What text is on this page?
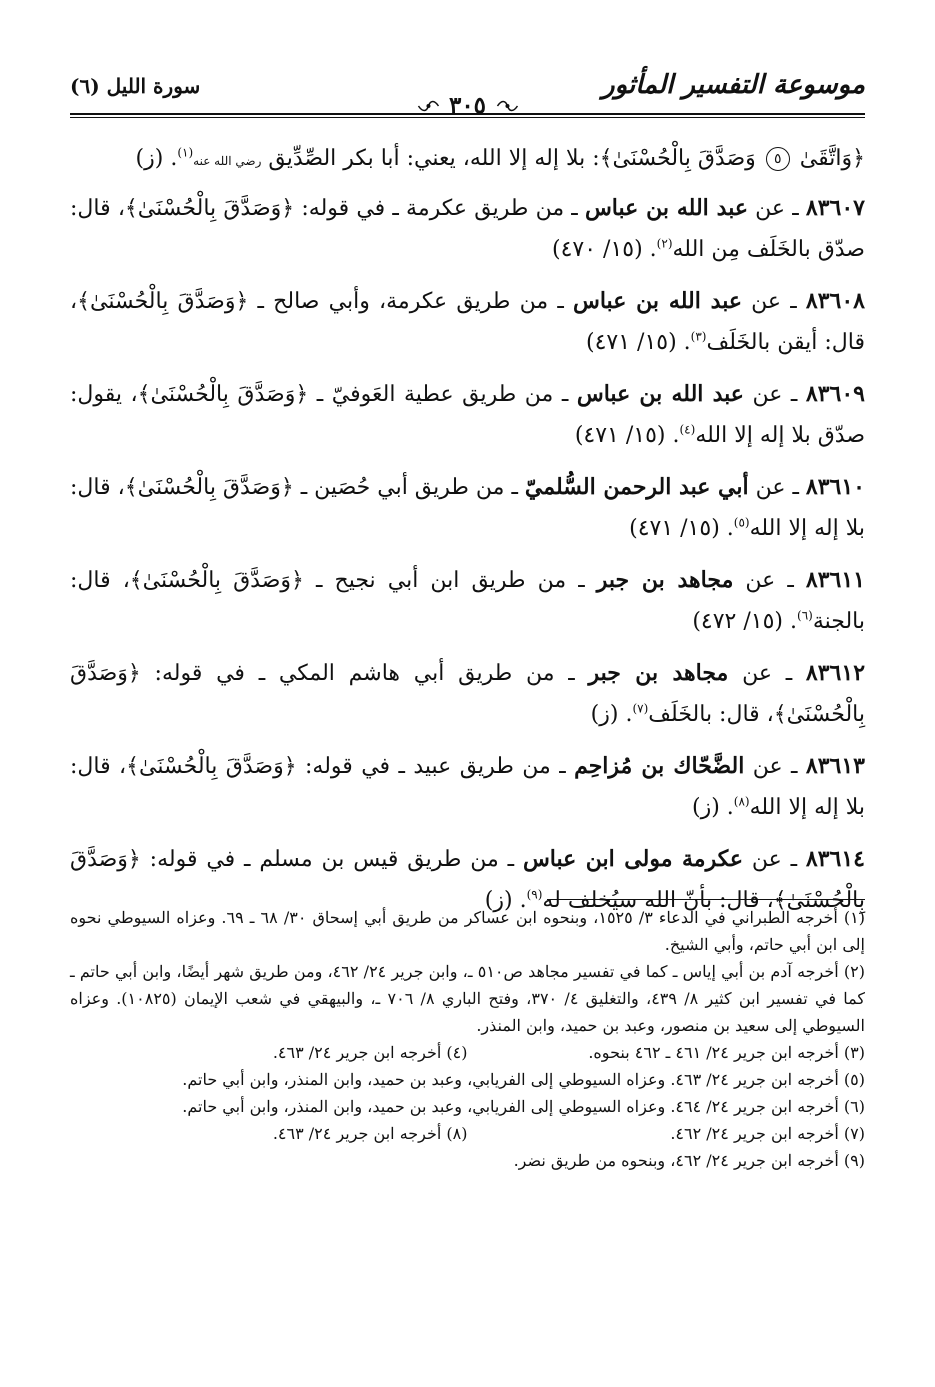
موسوعة التفسير المأثور
٣٠٥
سورة الليل (٦)

﴿وَاتَّقَىٰ ٥ وَصَدَّقَ بِالْحُسْنَىٰ﴾: بلا إله إلا الله، يعني: أبا بكر الصِّدِّيق رضي الله عنه$^{(١)}$. (ز)

٨٣٦٠٧ ـ عن عبد الله بن عباس ـ من طريق عكرمة ـ في قوله: ﴿وَصَدَّقَ بِالْحُسْنَىٰ﴾، قال: صدّق بالخَلَف مِن الله$^{(٢)}$. (١٥/ ٤٧٠)

٨٣٦٠٨ ـ عن عبد الله بن عباس ـ من طريق عكرمة، وأبي صالح ـ ﴿وَصَدَّقَ بِالْحُسْنَىٰ﴾، قال: أيقن بالخَلَف$^{(٣)}$. (١٥/ ٤٧١)

٨٣٦٠٩ ـ عن عبد الله بن عباس ـ من طريق عطية العَوفيّ ـ ﴿وَصَدَّقَ بِالْحُسْنَىٰ﴾، يقول: صدّق بلا إله إلا الله$^{(٤)}$. (١٥/ ٤٧١)

٨٣٦١٠ ـ عن أبي عبد الرحمن السُّلميّ ـ من طريق أبي حُصَين ـ ﴿وَصَدَّقَ بِالْحُسْنَىٰ﴾، قال: بلا إله إلا الله$^{(٥)}$. (١٥/ ٤٧١)

٨٣٦١١ ـ عن مجاهد بن جبر ـ من طريق ابن أبي نجيح ـ ﴿وَصَدَّقَ بِالْحُسْنَىٰ﴾، قال: بالجنة$^{(٦)}$. (١٥/ ٤٧٢)

٨٣٦١٢ ـ عن مجاهد بن جبر ـ من طريق أبي هاشم المكي ـ في قوله: ﴿وَصَدَّقَ بِالْحُسْنَىٰ﴾، قال: بالخَلَف$^{(٧)}$. (ز)

٨٣٦١٣ ـ عن الضَّحّاك بن مُزاحِم ـ من طريق عبيد ـ في قوله: ﴿وَصَدَّقَ بِالْحُسْنَىٰ﴾، قال: بلا إله إلا الله$^{(٨)}$. (ز)

٨٣٦١٤ ـ عن عكرمة مولى ابن عباس ـ من طريق قيس بن مسلم ـ في قوله: ﴿وَصَدَّقَ بِالْحُسْنَىٰ﴾، قال: بأنّ الله سيُخلف له$^{(٩)}$. (ز)

(١) أخرجه الطبراني في الدعاء ٣/ ١٥٢٥، وبنحوه ابن عساكر من طريق أبي إسحاق ٣٠/ ٦٨ ـ ٦٩. وعزاه السيوطي نحوه إلى ابن أبي حاتم، وأبي الشيخ.

(٢) أخرجه آدم بن أبي إياس ـ كما في تفسير مجاهد ص٥١٠ ـ، وابن جرير ٢٤/ ٤٦٢، ومن طريق شهر أيضًا، وابن أبي حاتم ـ كما في تفسير ابن كثير ٨/ ٤٣٩، والتغليق ٤/ ٣٧٠، وفتح الباري ٨/ ٧٠٦ ـ، والبيهقي في شعب الإيمان (١٠٨٢٥). وعزاه السيوطي إلى سعيد بن منصور، وعبد بن حميد، وابن المنذر.

(٣) أخرجه ابن جرير ٢٤/ ٤٦١ ـ ٤٦٢ بنحوه.

(٤) أخرجه ابن جرير ٢٤/ ٤٦٣.

(٥) أخرجه ابن جرير ٢٤/ ٤٦٣. وعزاه السيوطي إلى الفريابي، وعبد بن حميد، وابن المنذر، وابن أبي حاتم.

(٦) أخرجه ابن جرير ٢٤/ ٤٦٤. وعزاه السيوطي إلى الفريابي، وعبد بن حميد، وابن المنذر، وابن أبي حاتم.

(٧) أخرجه ابن جرير ٢٤/ ٤٦٢.

(٨) أخرجه ابن جرير ٢٤/ ٤٦٣.

(٩) أخرجه ابن جرير ٢٤/ ٤٦٢، وبنحوه من طريق نضر.
